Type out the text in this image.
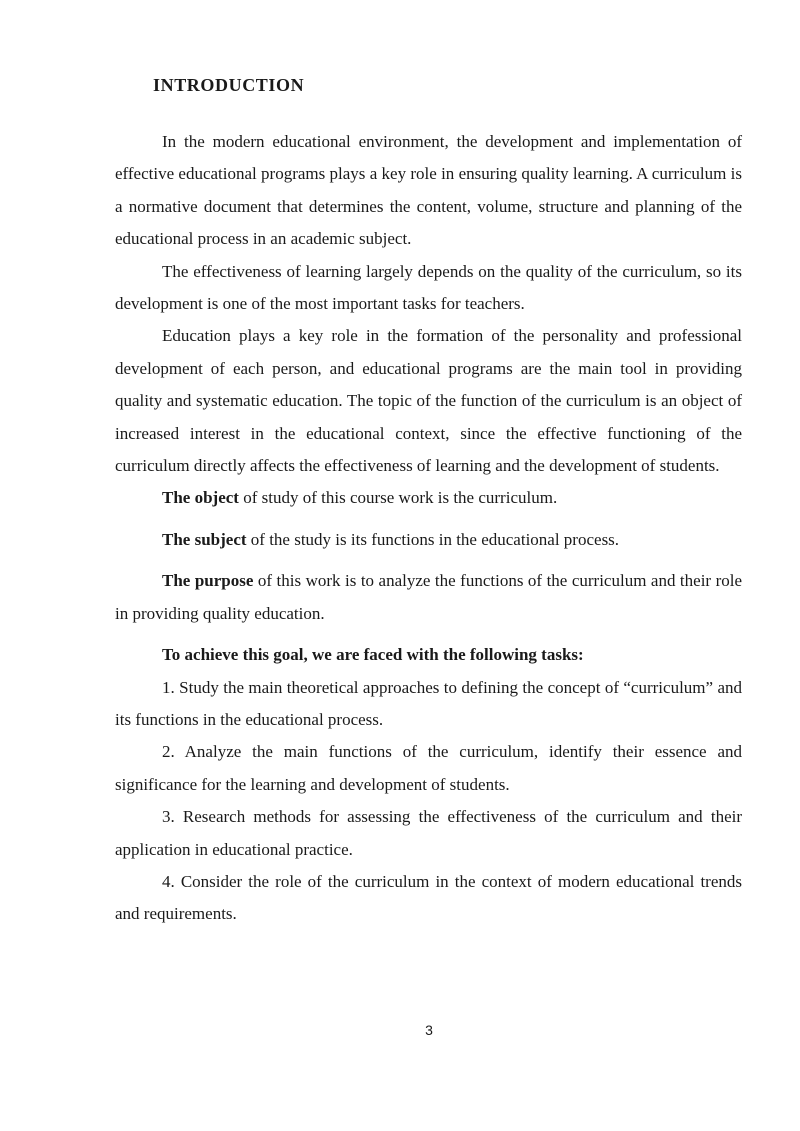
INTRODUCTION

In the modern educational environment, the development and implementation of effective educational programs plays a key role in ensuring quality learning. A curriculum is a normative document that determines the content, volume, structure and planning of the educational process in an academic subject.

The effectiveness of learning largely depends on the quality of the curriculum, so its development is one of the most important tasks for teachers.

Education plays a key role in the formation of the personality and professional development of each person, and educational programs are the main tool in providing quality and systematic education. The topic of the function of the curriculum is an object of increased interest in the educational context, since the effective functioning of the curriculum directly affects the effectiveness of learning and the development of students.

The object of study of this course work is the curriculum.

The subject of the study is its functions in the educational process.

The purpose of this work is to analyze the functions of the curriculum and their role in providing quality education.

To achieve this goal, we are faced with the following tasks:

1. Study the main theoretical approaches to defining the concept of “curriculum” and its functions in the educational process.

2. Analyze the main functions of the curriculum, identify their essence and significance for the learning and development of students.

3. Research methods for assessing the effectiveness of the curriculum and their application in educational practice.

4. Consider the role of the curriculum in the context of modern educational trends and requirements.

3
